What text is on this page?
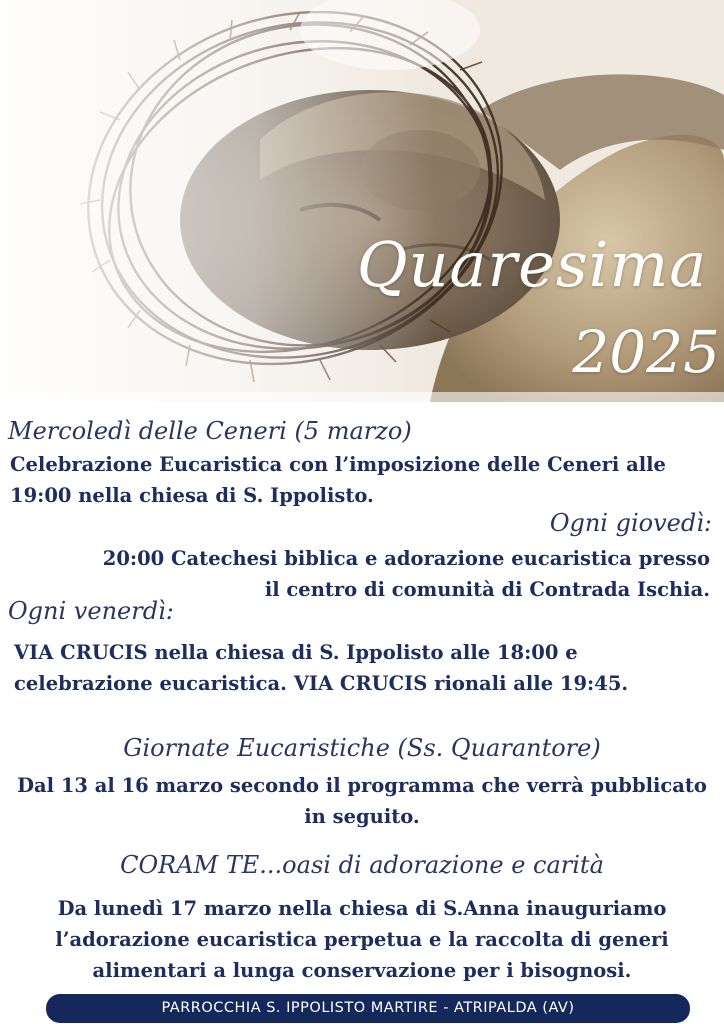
Quaresima
2025
Mercoledì delle Ceneri (5 marzo)
Celebrazione Eucaristica con l’imposizione delle Ceneri alle
19:00 nella chiesa di S. Ippolisto.
Ogni giovedì:
20:00 Catechesi biblica e adorazione eucaristica presso
il centro di comunità di Contrada Ischia.
Ogni venerdì:
VIA CRUCIS nella chiesa di S. Ippolisto alle 18:00 e
celebrazione eucaristica. VIA CRUCIS rionali alle 19:45.
Giornate Eucaristiche (Ss. Quarantore)
Dal 13 al 16 marzo secondo il programma che verrà pubblicato
in seguito.
CORAM TE...oasi di adorazione e carità
Da lunedì 17 marzo nella chiesa di S.Anna inauguriamo
l’adorazione eucaristica perpetua e la raccolta di generi
alimentari a lunga conservazione per i bisognosi.
PARROCCHIA S. IPPOLISTO MARTIRE - ATRIPALDA (AV)
